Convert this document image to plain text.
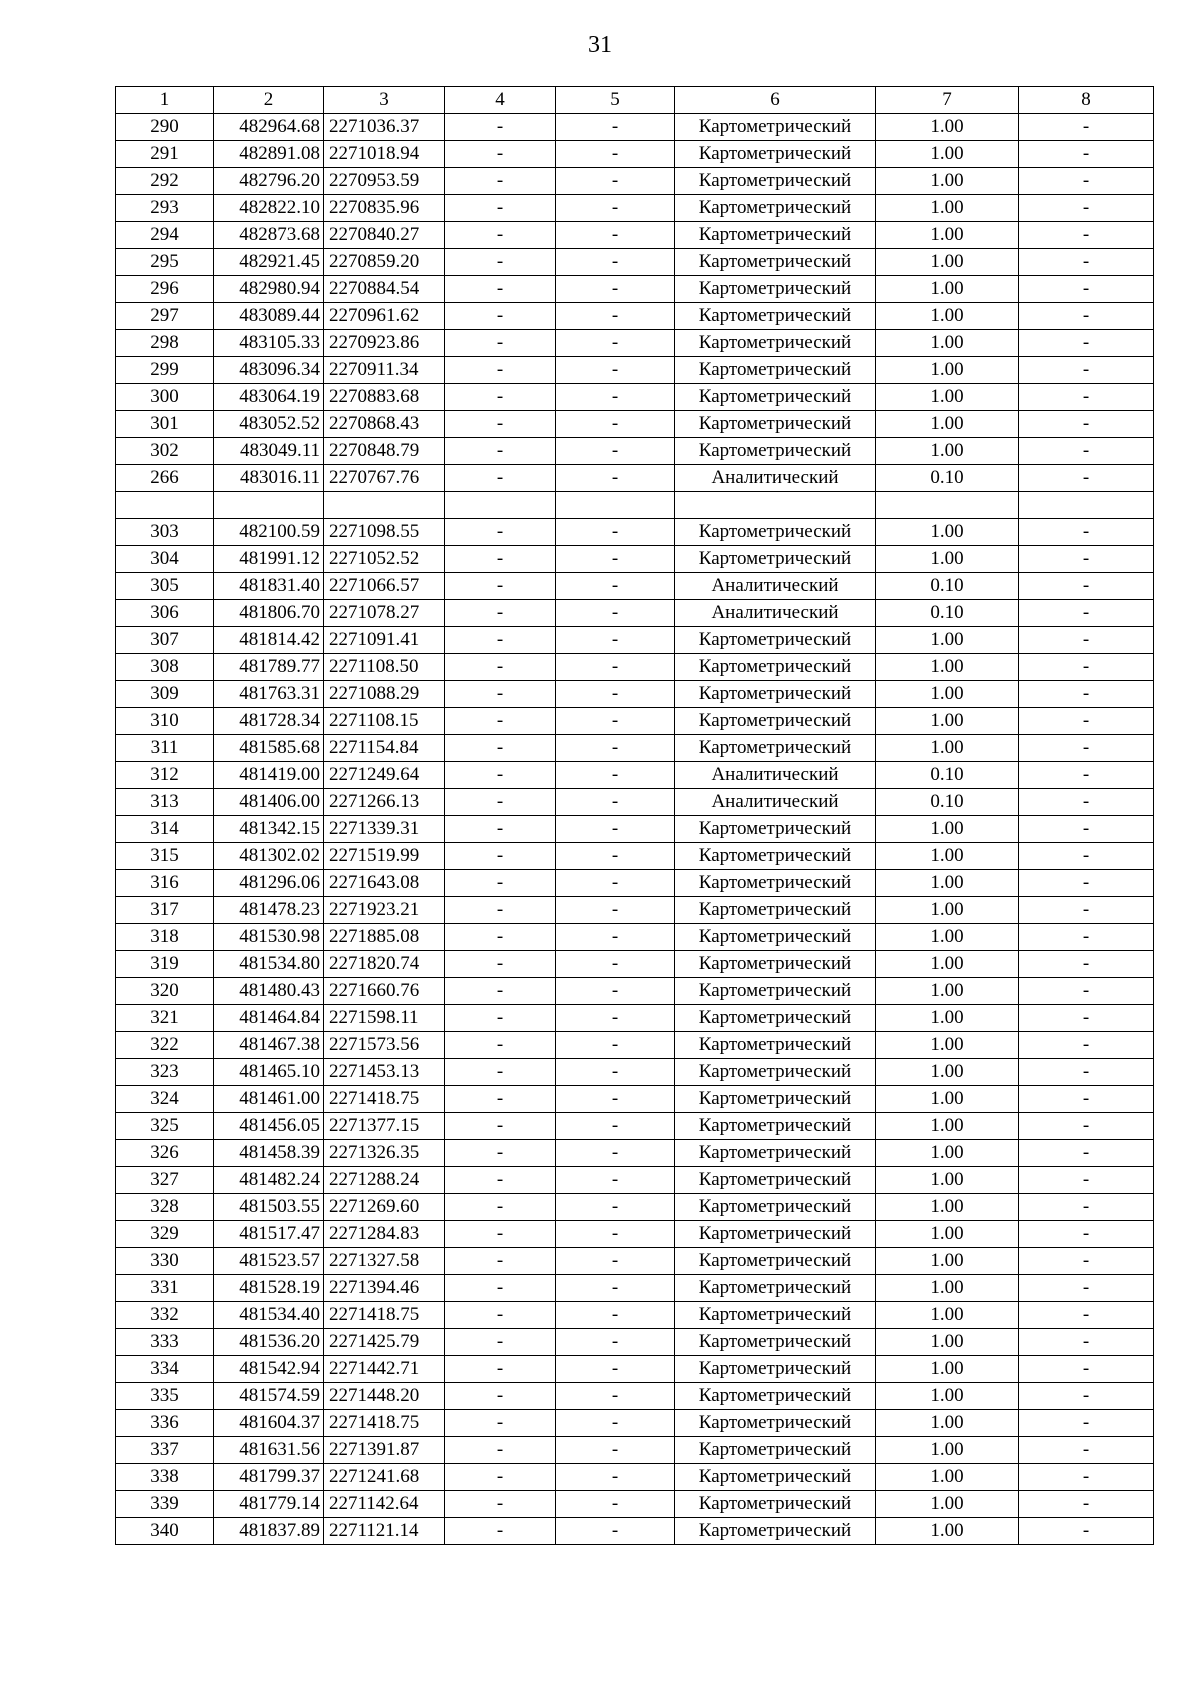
31
1	2	3	4	5	6	7	8
290	482964.68	2271036.37	-	-	Картометрический	1.00	-
291	482891.08	2271018.94	-	-	Картометрический	1.00	-
292	482796.20	2270953.59	-	-	Картометрический	1.00	-
293	482822.10	2270835.96	-	-	Картометрический	1.00	-
294	482873.68	2270840.27	-	-	Картометрический	1.00	-
295	482921.45	2270859.20	-	-	Картометрический	1.00	-
296	482980.94	2270884.54	-	-	Картометрический	1.00	-
297	483089.44	2270961.62	-	-	Картометрический	1.00	-
298	483105.33	2270923.86	-	-	Картометрический	1.00	-
299	483096.34	2270911.34	-	-	Картометрический	1.00	-
300	483064.19	2270883.68	-	-	Картометрический	1.00	-
301	483052.52	2270868.43	-	-	Картометрический	1.00	-
302	483049.11	2270848.79	-	-	Картометрический	1.00	-
266	483016.11	2270767.76	-	-	Аналитический	0.10	-

303	482100.59	2271098.55	-	-	Картометрический	1.00	-
304	481991.12	2271052.52	-	-	Картометрический	1.00	-
305	481831.40	2271066.57	-	-	Аналитический	0.10	-
306	481806.70	2271078.27	-	-	Аналитический	0.10	-
307	481814.42	2271091.41	-	-	Картометрический	1.00	-
308	481789.77	2271108.50	-	-	Картометрический	1.00	-
309	481763.31	2271088.29	-	-	Картометрический	1.00	-
310	481728.34	2271108.15	-	-	Картометрический	1.00	-
311	481585.68	2271154.84	-	-	Картометрический	1.00	-
312	481419.00	2271249.64	-	-	Аналитический	0.10	-
313	481406.00	2271266.13	-	-	Аналитический	0.10	-
314	481342.15	2271339.31	-	-	Картометрический	1.00	-
315	481302.02	2271519.99	-	-	Картометрический	1.00	-
316	481296.06	2271643.08	-	-	Картометрический	1.00	-
317	481478.23	2271923.21	-	-	Картометрический	1.00	-
318	481530.98	2271885.08	-	-	Картометрический	1.00	-
319	481534.80	2271820.74	-	-	Картометрический	1.00	-
320	481480.43	2271660.76	-	-	Картометрический	1.00	-
321	481464.84	2271598.11	-	-	Картометрический	1.00	-
322	481467.38	2271573.56	-	-	Картометрический	1.00	-
323	481465.10	2271453.13	-	-	Картометрический	1.00	-
324	481461.00	2271418.75	-	-	Картометрический	1.00	-
325	481456.05	2271377.15	-	-	Картометрический	1.00	-
326	481458.39	2271326.35	-	-	Картометрический	1.00	-
327	481482.24	2271288.24	-	-	Картометрический	1.00	-
328	481503.55	2271269.60	-	-	Картометрический	1.00	-
329	481517.47	2271284.83	-	-	Картометрический	1.00	-
330	481523.57	2271327.58	-	-	Картометрический	1.00	-
331	481528.19	2271394.46	-	-	Картометрический	1.00	-
332	481534.40	2271418.75	-	-	Картометрический	1.00	-
333	481536.20	2271425.79	-	-	Картометрический	1.00	-
334	481542.94	2271442.71	-	-	Картометрический	1.00	-
335	481574.59	2271448.20	-	-	Картометрический	1.00	-
336	481604.37	2271418.75	-	-	Картометрический	1.00	-
337	481631.56	2271391.87	-	-	Картометрический	1.00	-
338	481799.37	2271241.68	-	-	Картометрический	1.00	-
339	481779.14	2271142.64	-	-	Картометрический	1.00	-
340	481837.89	2271121.14	-	-	Картометрический	1.00	-
